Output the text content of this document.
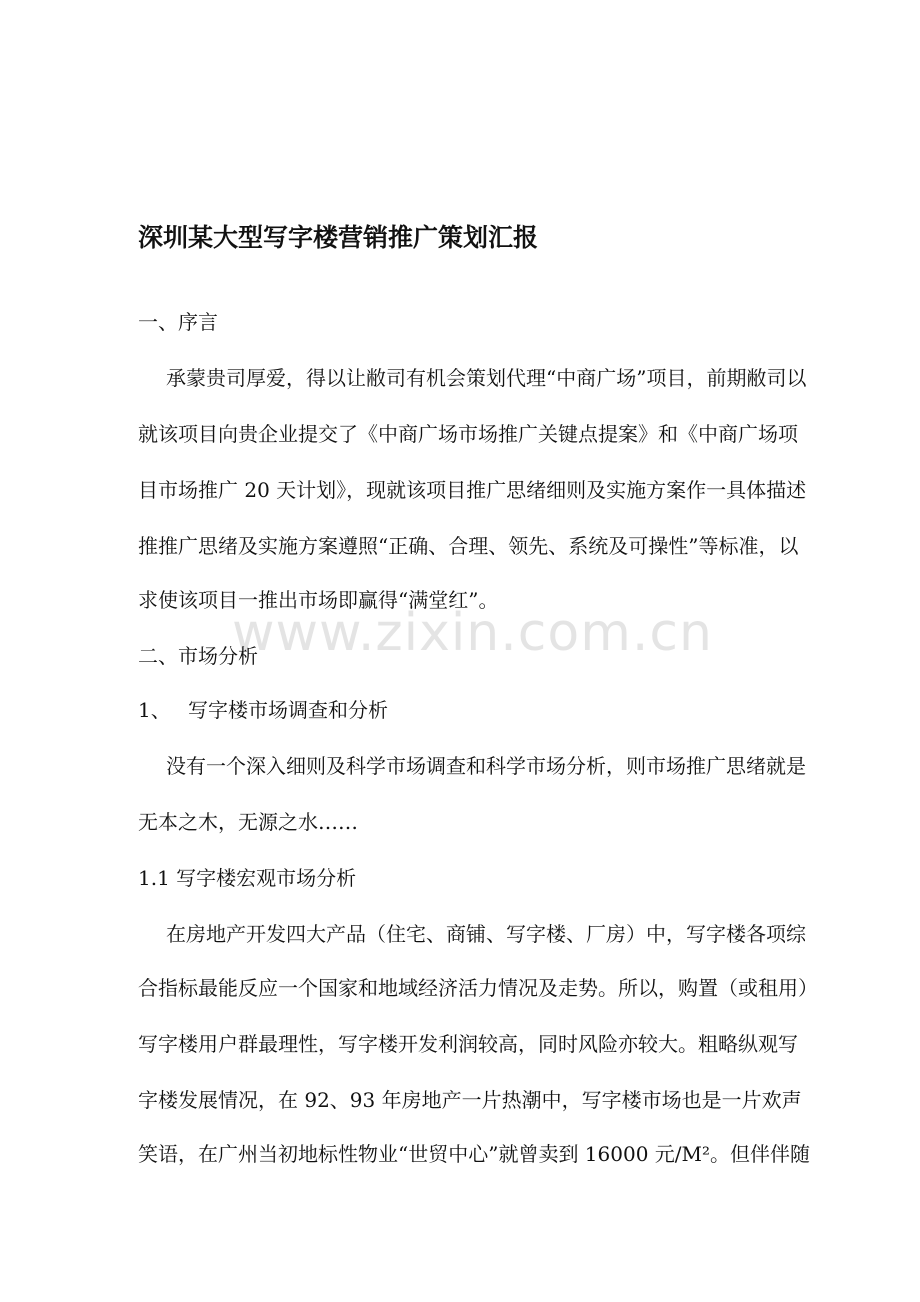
www.zixin.com.cn
深圳某大型写字楼营销推广策划汇报

一、序言

承蒙贵司厚爱，得以让敝司有机会策划代理“中商广场”项目，前期敝司以

就该项目向贵企业提交了《中商广场市场推广关键点提案》和《中商广场项

目市场推广 20 天计划》，现就该项目推广思绪细则及实施方案作一具体描述

推推广思绪及实施方案遵照“正确、合理、领先、系统及可操性”等标准，以

求使该项目一推出市场即赢得“满堂红”。

二、市场分析

1、 写字楼市场调查和分析

没有一个深入细则及科学市场调查和科学市场分析，则市场推广思绪就是

无本之木，无源之水……

1.1 写字楼宏观市场分析

在房地产开发四大产品（住宅、商铺、写字楼、厂房）中，写字楼各项综

合指标最能反应一个国家和地域经济活力情况及走势。所以，购置（或租用）

写字楼用户群最理性，写字楼开发利润较高，同时风险亦较大。粗略纵观写

字楼发展情况，在 92、93 年房地产一片热潮中，写字楼市场也是一片欢声

笑语，在广州当初地标性物业“世贸中心”就曾卖到 16000 元/M²。但伴伴随
